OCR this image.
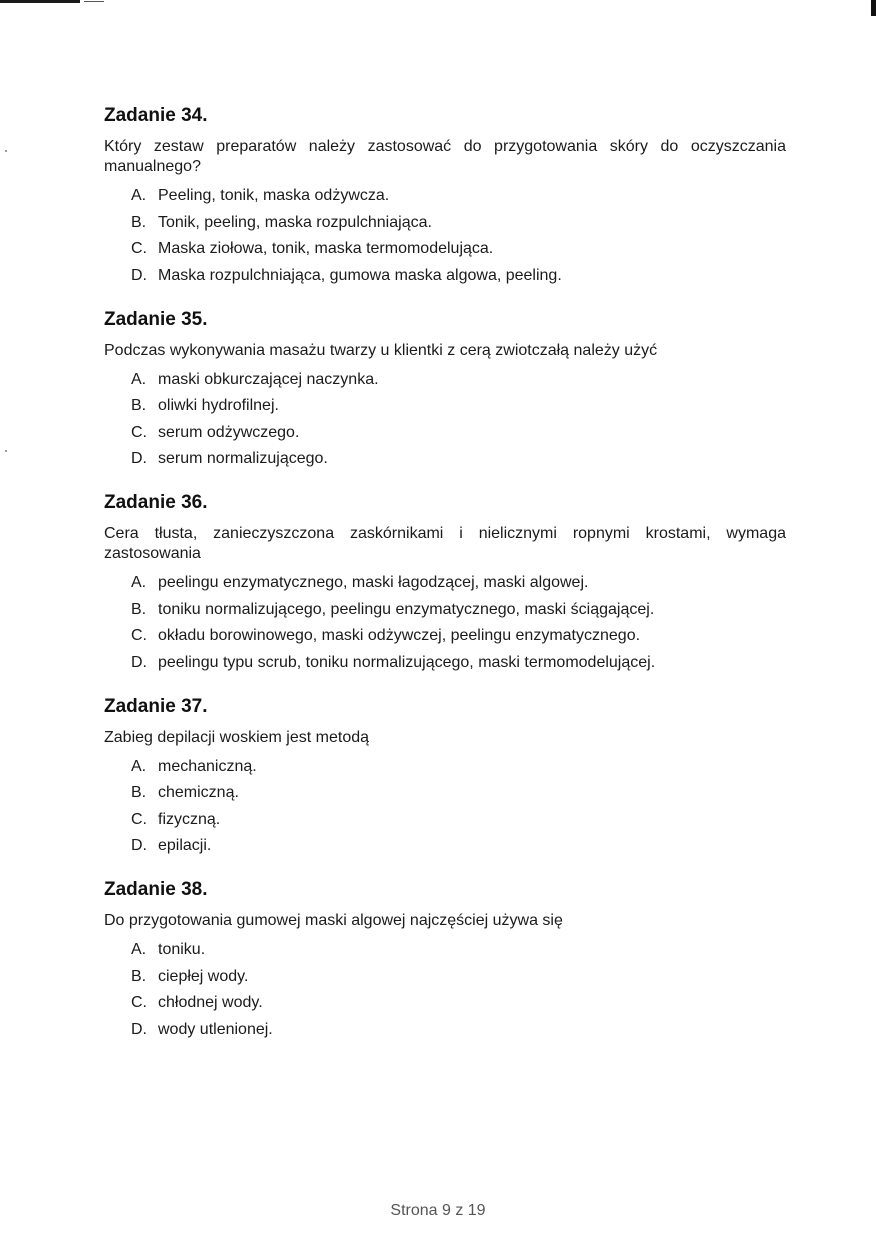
Zadanie 34.

Który zestaw preparatów należy zastosować do przygotowania skóry do oczyszczania manualnego?

A. Peeling, tonik, maska odżywcza.
B. Tonik, peeling, maska rozpulchniająca.
C. Maska ziołowa, tonik, maska termomodelująca.
D. Maska rozpulchniająca, gumowa maska algowa, peeling.
Zadanie 35.

Podczas wykonywania masażu twarzy u klientki z cerą zwiotczałą należy użyć

A. maski obkurczającej naczynka.
B. oliwki hydrofilnej.
C. serum odżywczego.
D. serum normalizującego.
Zadanie 36.

Cera tłusta, zanieczyszczona zaskórnikami i nielicznymi ropnymi krostami, wymaga zastosowania

A. peelingu enzymatycznego, maski łagodzącej, maski algowej.
B. toniku normalizującego, peelingu enzymatycznego, maski ściągającej.
C. okładu borowinowego, maski odżywczej, peelingu enzymatycznego.
D. peelingu typu scrub, toniku normalizującego, maski termomodelującej.
Zadanie 37.

Zabieg depilacji woskiem jest metodą

A. mechaniczną.
B. chemiczną.
C. fizyczną.
D. epilacji.
Zadanie 38.

Do przygotowania gumowej maski algowej najczęściej używa się

A. toniku.
B. ciepłej wody.
C. chłodnej wody.
D. wody utlenionej.
Strona 9 z 19
